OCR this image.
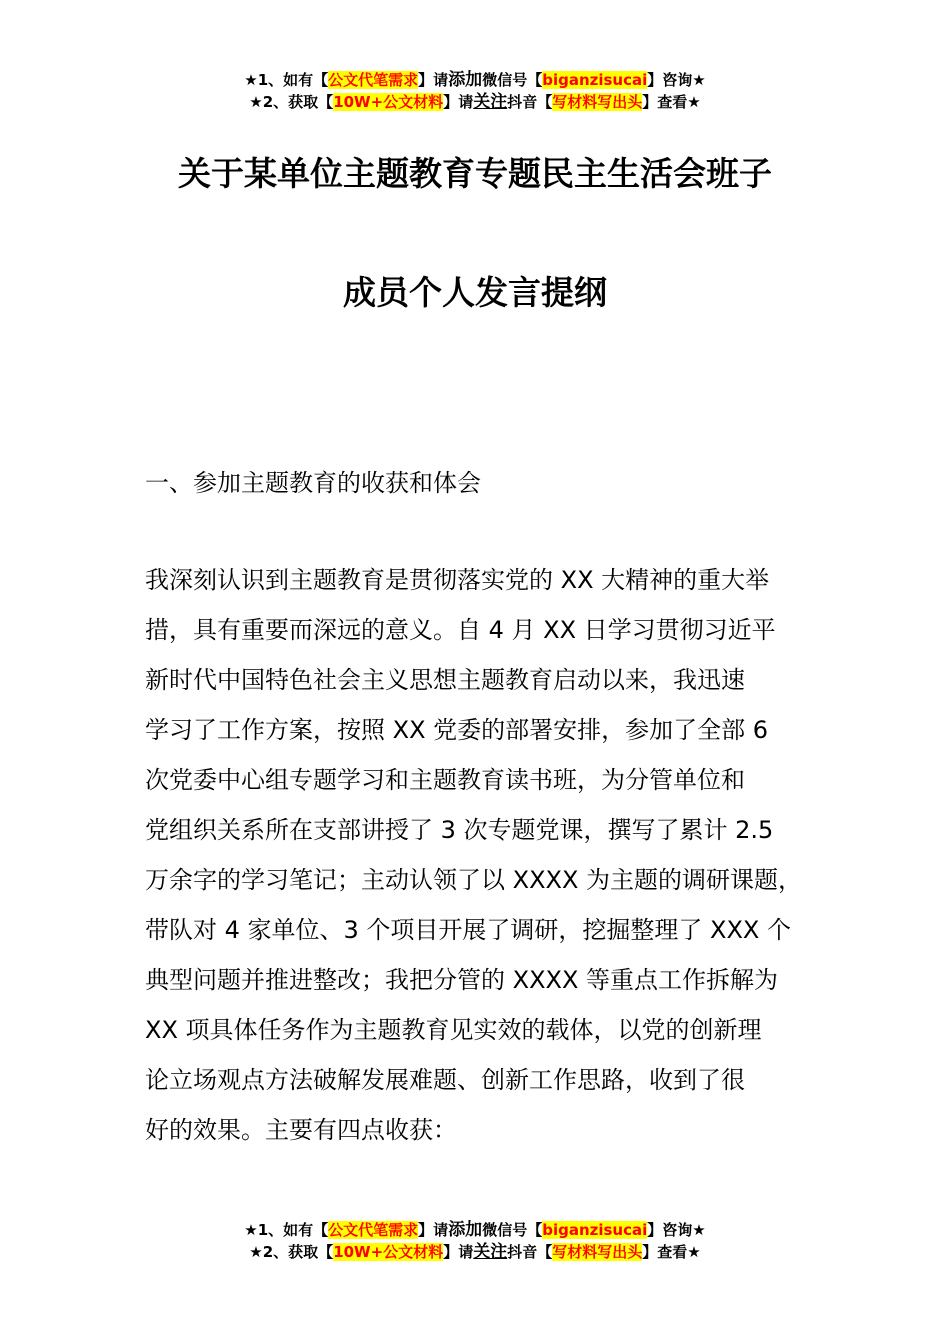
★1、如有【公文代笔需求】请添加微信号【biganzisucai】咨询★
★2、获取【10W+公文材料】请关注抖音【写材料写出头】查看★
关于某单位主题教育专题民主生活会班子
成员个人发言提纲
一、参加主题教育的收获和体会
我深刻认识到主题教育是贯彻落实党的 XX 大精神的重大举
措，具有重要而深远的意义。自 4 月 XX 日学习贯彻习近平
新时代中国特色社会主义思想主题教育启动以来，我迅速
学习了工作方案，按照 XX 党委的部署安排，参加了全部 6
次党委中心组专题学习和主题教育读书班，为分管单位和
党组织关系所在支部讲授了 3 次专题党课，撰写了累计 2.5
万余字的学习笔记；主动认领了以 XXXX 为主题的调研课题，
带队对 4 家单位、3 个项目开展了调研，挖掘整理了 XXX 个
典型问题并推进整改；我把分管的 XXXX 等重点工作拆解为
XX 项具体任务作为主题教育见实效的载体，以党的创新理
论立场观点方法破解发展难题、创新工作思路，收到了很
好的效果。主要有四点收获：
★1、如有【公文代笔需求】请添加微信号【biganzisucai】咨询★
★2、获取【10W+公文材料】请关注抖音【写材料写出头】查看★
